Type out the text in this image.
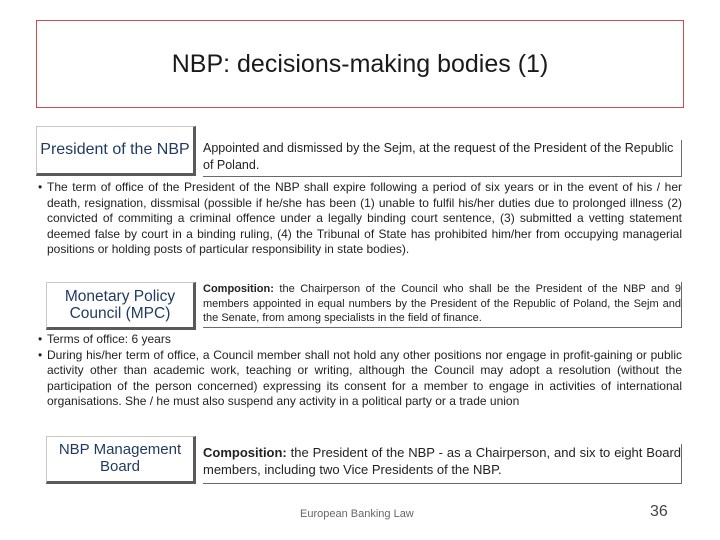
NBP: decisions-making bodies (1)
President of the NBP Appointed and dismissed by the Sejm, at the request of the President of the Republic of Poland.
• The term of office of the President of the NBP shall expire following a period of six years or in the event of his / her death, resignation, dissmisal (possible if he/she has been (1) unable to fulfil his/her duties due to prolonged illness (2) convicted of commiting a criminal offence under a legally binding court sentence, (3) submitted a vetting statement deemed false by court in a binding ruling, (4) the Tribunal of State has prohibited him/her from occupying managerial positions or holding posts of particular responsibility in state bodies).
Monetary Policy Council (MPC)
Composition: the Chairperson of the Council who shall be the President of the NBP and 9 members appointed in equal numbers by the President of the Republic of Poland, the Sejm and the Senate, from among specialists in the field of finance.
• Terms of office: 6 years
• During his/her term of office, a Council member shall not hold any other positions nor engage in profit-gaining or public activity other than academic work, teaching or writing, although the Council may adopt a resolution (without the participation of the person concerned) expressing its consent for a member to engage in activities of international organisations. She / he must also suspend any activity in a political party or a trade union
NBP Management Board
Composition: the President of the NBP - as a Chairperson, and six to eight Board members, including two Vice Presidents of the NBP.
European Banking Law	36
